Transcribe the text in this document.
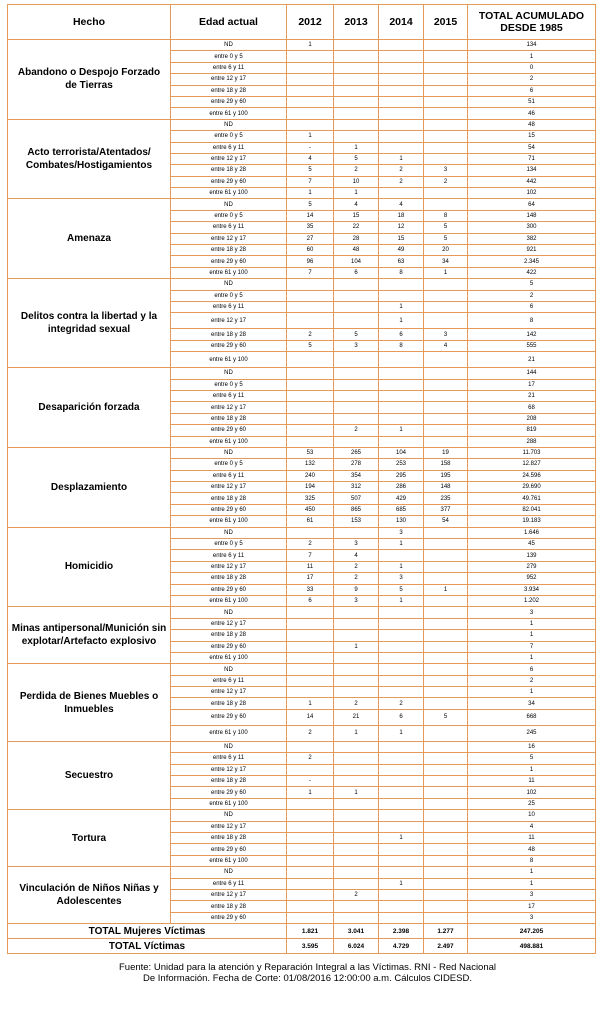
Hecho	Edad actual	2012	2013	2014	2015	TOTAL ACUMULADO DESDE 1985
Abandono o Despojo Forzado de Tierras	ND	1				134
	entre 0 y 5					1
	entre 6 y 11					0
	entre 12 y 17					2
	entre 18 y 28					6
	entre 29 y 60					51
	entre 61 y 100					46
Acto terrorista/Atentados/ Combates/Hostigamientos	ND					48
	entre 0 y 5	1				15
	entre 6 y 11	-	1			54
	entre 12 y 17	4	5	1		71
	entre 18 y 28	5	2	2	3	134
	entre 29 y 60	7	10	2	2	442
	entre 61 y 100	1	1			102
Amenaza	ND	5	4	4		64
	entre 0 y 5	14	15	18	8	148
	entre 6 y 11	35	22	12	5	300
	entre 12 y 17	27	28	15	5	382
	entre 18 y 28	60	48	49	20	921
	entre 29 y 60	96	104	63	34	2.345
	entre 61 y 100	7	6	8	1	422
Delitos contra la libertad y la integridad sexual	ND					5
	entre 0 y 5					2
	entre 6 y 11			1		6
	entre 12 y 17			1		8
	entre 18 y 28	2	5	6	3	142
	entre 29 y 60	5	3	8	4	555
	entre 61 y 100					21
Desaparición forzada	ND					144
	entre 0 y 5					17
	entre 6 y 11					21
	entre 12 y 17					68
	entre 18 y 28					208
	entre 29 y 60		2	1		819
	entre 61 y 100					288
Desplazamiento	ND	53	265	104	19	11.703
	entre 0 y 5	132	278	253	158	12.827
	entre 6 y 11	240	354	295	195	24.596
	entre 12 y 17	194	312	286	148	29.690
	entre 18 y 28	325	507	429	235	49.761
	entre 29 y 60	450	865	685	377	82.041
	entre 61 y 100	61	153	130	54	19.183
Homicidio	ND			3		1.646
	entre 0 y 5	2	3	1		45
	entre 6 y 11	7	4			139
	entre 12 y 17	11	2	1		279
	entre 18 y 28	17	2	3		952
	entre 29 y 60	33	9	5	1	3.934
	entre 61 y 100	6	3	1		1.202
Minas antipersonal/Munición sin explotar/Artefacto explosivo	ND					3
	entre 12 y 17					1
	entre 18 y 28					1
	entre 29 y 60		1			7
	entre 61 y 100					1
Perdida de Bienes Muebles o Inmuebles	ND					6
	entre 6 y 11					2
	entre 12 y 17					1
	entre 18 y 28	1	2	2		34
	entre 29 y 60	14	21	6	5	668
	entre 61 y 100	2	1	1		245
Secuestro	ND					16
	entre 6 y 11	2				5
	entre 12 y 17					1
	entre 18 y 28	-				11
	entre 29 y 60	1	1			102
	entre 61 y 100					25
Tortura	ND					10
	entre 12 y 17					4
	entre 18 y 28			1		11
	entre 29 y 60					48
	entre 61 y 100					8
Vinculación de Niños Niñas y Adolescentes	ND					1
	entre 6 y 11			1		1
	entre 12 y 17		2			3
	entre 18 y 28					17
	entre 29 y 60					3
TOTAL Mujeres Víctimas		1.821	3.041	2.398	1.277	247.205
TOTAL Víctimas		3.595	6.024	4.729	2.497	498.881
Fuente: Unidad para la atención y Reparación Integral a las Víctimas. RNI - Red Nacional
De Información. Fecha de Corte: 01/08/2016 12:00:00 a.m. Cálculos CIDESD.
